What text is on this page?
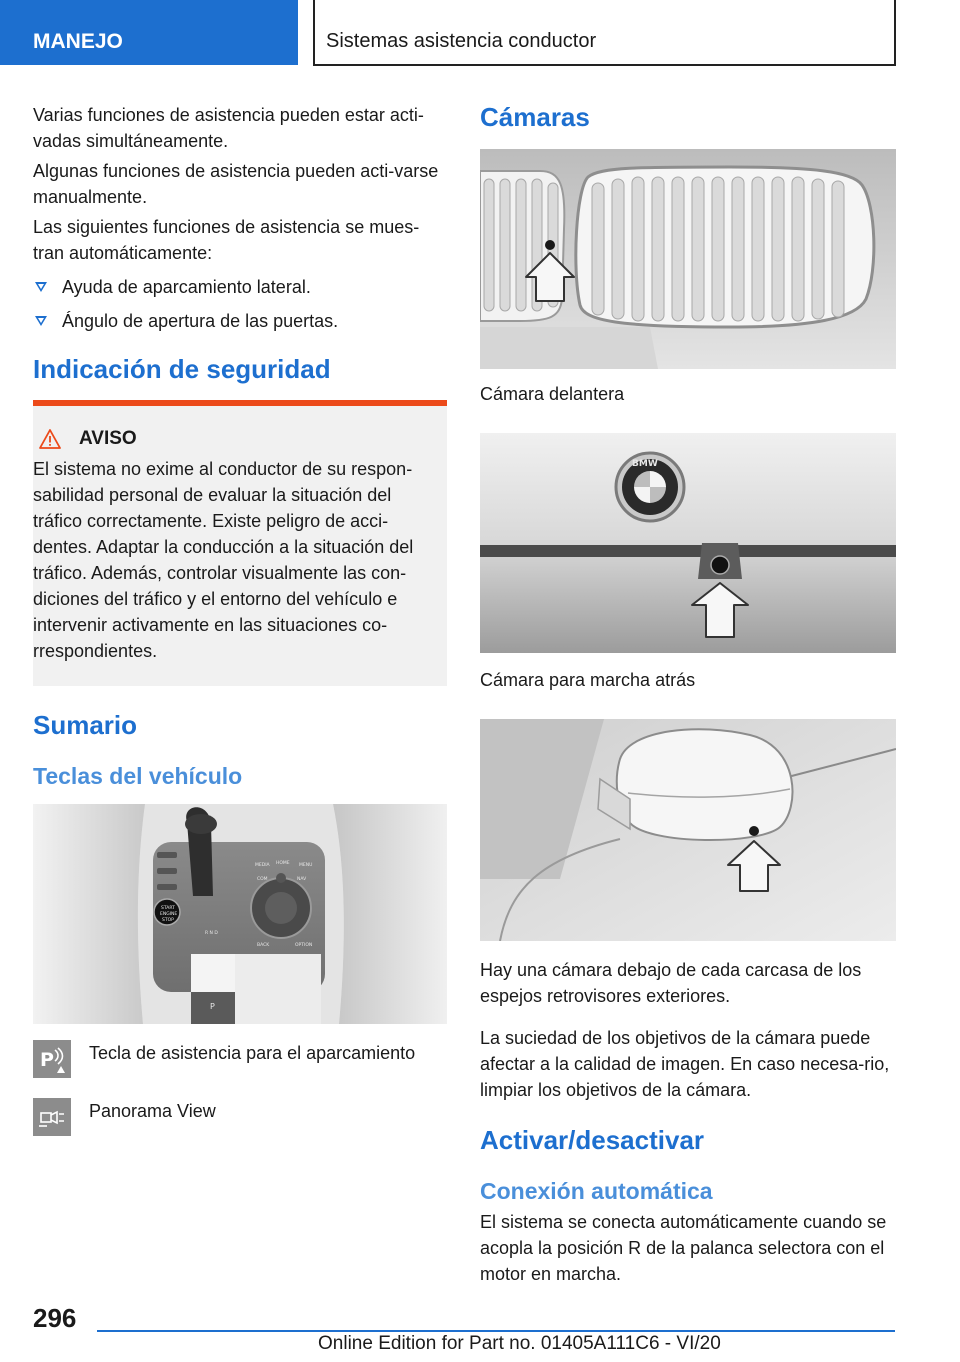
MANEJO	Sistemas asistencia conductor

Varias funciones de asistencia pueden estar acti-vadas simultáneamente.

Algunas funciones de asistencia pueden acti-varse manualmente.

Las siguientes funciones de asistencia se mues-tran automáticamente:

Ayuda de aparcamiento lateral.
Ángulo de apertura de las puertas.
Indicación de seguridad
AVISO

El sistema no exime al conductor de su respon-sabilidad personal de evaluar la situación del tráfico correctamente. Existe peligro de acci-dentes. Adaptar la conducción a la situación del tráfico. Además, controlar visualmente las con-diciones del tráfico y el entorno del vehículo e intervenir activamente en las situaciones co-rrespondientes.

Sumario
Teclas del vehículo
START
ENGINE
STOP
MEDIA HOME MENU
COM	NAV
BACK	OPTION
R N D
P
P Tecla de asistencia para el aparcamiento
Panorama View
Cámaras
Cámara delantera
BMW
Cámara para marcha atrás

Hay una cámara debajo de cada carcasa de los espejos retrovisores exteriores.

La suciedad de los objetivos de la cámara puede afectar a la calidad de imagen. En caso necesa-rio, limpiar los objetivos de la cámara.

Activar/desactivar
Conexión automática

El sistema se conecta automáticamente cuando se acopla la posición R de la palanca selectora con el motor en marcha.

296
Online Edition for Part no. 01405A111C6 - VI/20
